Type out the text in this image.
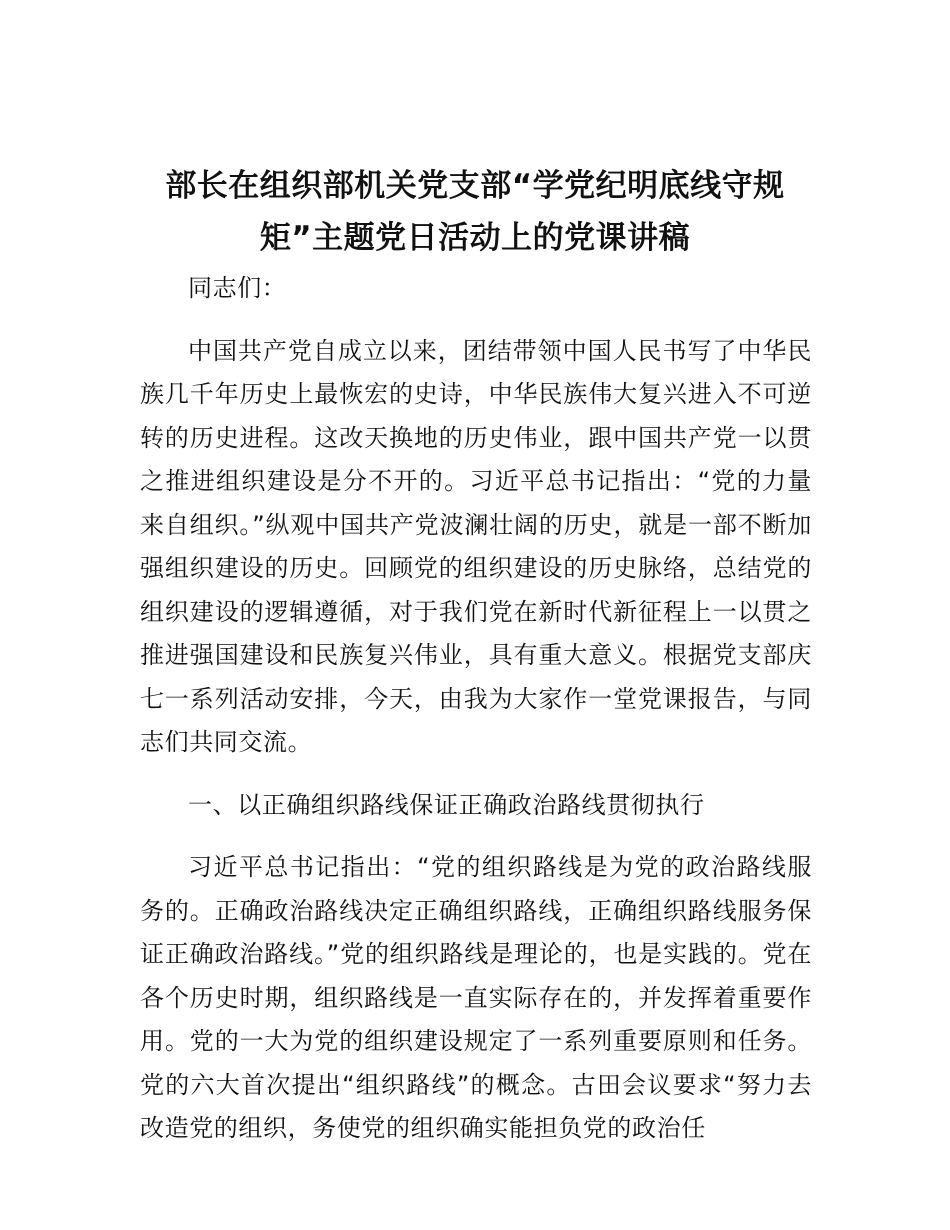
部长在组织部机关党支部“学党纪明底线守规矩”主题党日活动上的党课讲稿

同志们：

中国共产党自成立以来，团结带领中国人民书写了中华民族几千年历史上最恢宏的史诗，中华民族伟大复兴进入不可逆转的历史进程。这改天换地的历史伟业，跟中国共产党一以贯之推进组织建设是分不开的。习近平总书记指出：“党的力量来自组织。”纵观中国共产党波澜壮阔的历史，就是一部不断加强组织建设的历史。回顾党的组织建设的历史脉络，总结党的组织建设的逻辑遵循，对于我们党在新时代新征程上一以贯之推进强国建设和民族复兴伟业，具有重大意义。根据党支部庆七一系列活动安排，今天，由我为大家作一堂党课报告，与同志们共同交流。

一、以正确组织路线保证正确政治路线贯彻执行

习近平总书记指出：“党的组织路线是为党的政治路线服务的。正确政治路线决定正确组织路线，正确组织路线服务保证正确政治路线。”党的组织路线是理论的，也是实践的。党在各个历史时期，组织路线是一直实际存在的，并发挥着重要作用。党的一大为党的组织建设规定了一系列重要原则和任务。党的六大首次提出“组织路线”的概念。古田会议要求“努力去改造党的组织，务使党的组织确实能担负党的政治任
